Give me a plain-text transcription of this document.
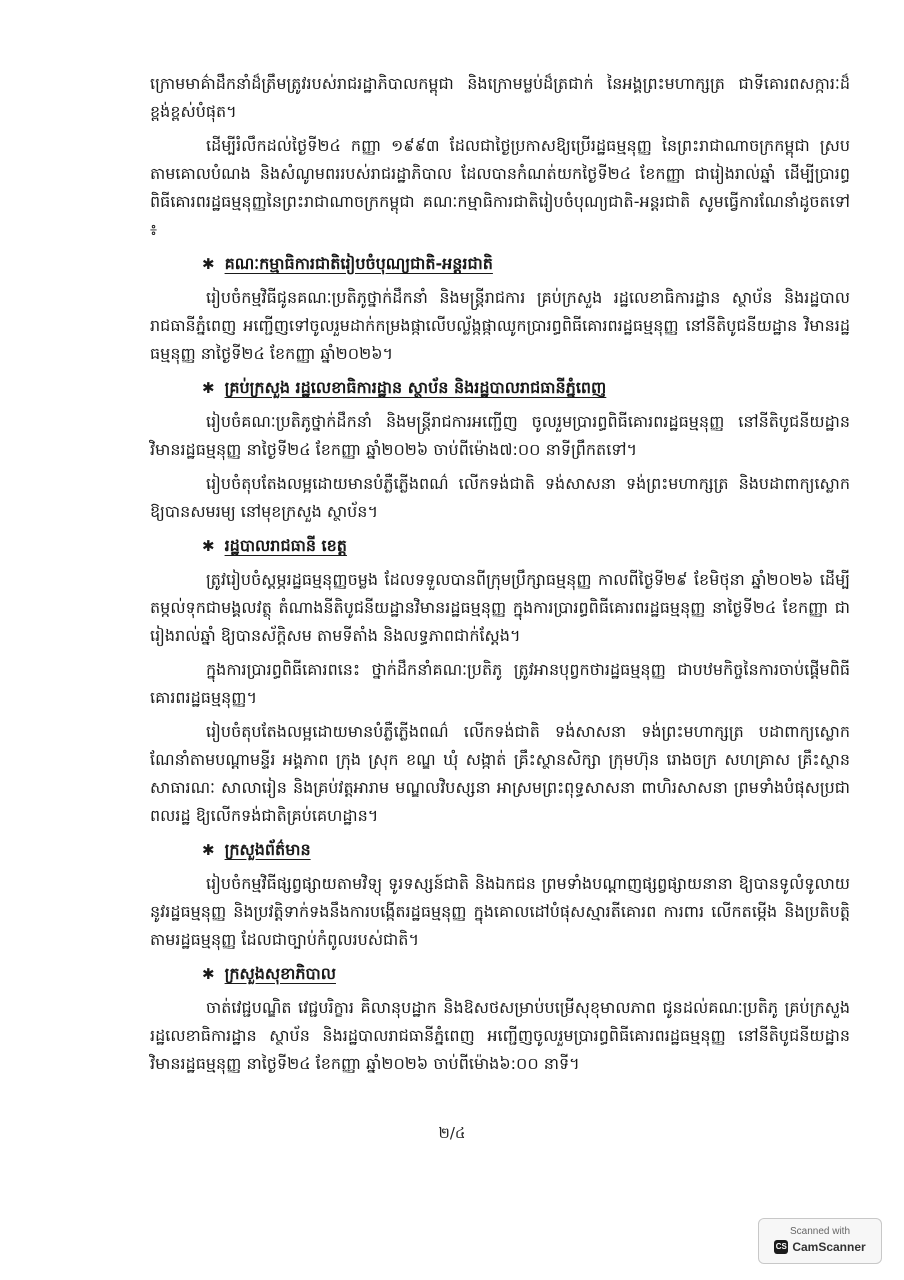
ក្រោមមាគ៌ាដឹកនាំដ៏ត្រឹមត្រូវរបស់រាជរដ្ឋាភិបាលកម្ពុជា និងក្រោមម្លប់ដ៏ត្រជាក់ នៃអង្គព្រះមហាក្សត្រ ជាទីគោរពសក្ការៈដ៏ខ្ពង់ខ្ពស់បំផុត។

ដើម្បីរំលឹកដល់ថ្ងៃទី២៤ កញ្ញា ១៩៩៣ ដែលជាថ្ងៃប្រកាសឱ្យប្រើរដ្ឋធម្មនុញ្ញ នៃព្រះរាជាណាចក្រកម្ពុជា ស្របតាមគោលបំណង និងសំណូមពររបស់រាជរដ្ឋាភិបាល ដែលបានកំណត់យកថ្ងៃទី២៤ ខែកញ្ញា ជារៀងរាល់ឆ្នាំ ដើម្បីប្រារព្ធពិធីគោរពរដ្ឋធម្មនុញ្ញនៃព្រះរាជាណាចក្រកម្ពុជា គណៈកម្មាធិការជាតិរៀបចំបុណ្យជាតិ-អន្តរជាតិ សូមធ្វើការណែនាំដូចតទៅ ៖

✱ គណៈកម្មាធិការជាតិរៀបចំបុណ្យជាតិ-អន្តរជាតិ

រៀបចំកម្មវិធីជូនគណៈប្រតិភូថ្នាក់ដឹកនាំ និងមន្ត្រីរាជការ គ្រប់ក្រសួង រដ្ឋលេខាធិការដ្ឋាន ស្ថាប័ន និងរដ្ឋបាលរាជធានីភ្នំពេញ អញ្ជើញទៅចូលរួមដាក់កម្រងផ្កាលើបល្ល័ង្កផ្កាឈូកប្រារព្ធពិធីគោរពរដ្ឋធម្មនុញ្ញ នៅនីតិបូជនីយដ្ឋាន វិមានរដ្ឋធម្មនុញ្ញ នាថ្ងៃទី២៤ ខែកញ្ញា ឆ្នាំ២០២៦។

✱ គ្រប់ក្រសួង រដ្ឋលេខាធិការដ្ឋាន ស្ថាប័ន និងរដ្ឋបាលរាជធានីភ្នំពេញ

រៀបចំគណៈប្រតិភូថ្នាក់ដឹកនាំ និងមន្ត្រីរាជការអញ្ជើញ ចូលរួមប្រារព្ធពិធីគោរពរដ្ឋធម្មនុញ្ញ នៅនីតិបូជនីយដ្ឋាន វិមានរដ្ឋធម្មនុញ្ញ នាថ្ងៃទី២៤ ខែកញ្ញា ឆ្នាំ២០២៦ ចាប់ពីម៉ោង៧:០០ នាទីព្រឹកតទៅ។

រៀបចំតុបតែងលម្អដោយមានបំភ្លឺភ្លើងពណ៌ លើកទង់ជាតិ ទង់សាសនា ទង់ព្រះមហាក្សត្រ និងបដាពាក្យស្លោក ឱ្យបានសមរម្យ នៅមុខក្រសួង ស្ថាប័ន។

✱ រដ្ឋបាលរាជធានី ខេត្ត

ត្រូវរៀបចំស្តម្ភរដ្ឋធម្មនុញ្ញចម្លង ដែលទទួលបានពីក្រុមប្រឹក្សាធម្មនុញ្ញ កាលពីថ្ងៃទី២៩ ខែមិថុនា ឆ្នាំ២០២៦ ដើម្បីតម្កល់ទុកជាមង្គលវត្ថុ តំណាងនីតិបូជនីយដ្ឋានវិមានរដ្ឋធម្មនុញ្ញ ក្នុងការប្រារព្ធពិធីគោរពរដ្ឋធម្មនុញ្ញ នាថ្ងៃទី២៤ ខែកញ្ញា ជារៀងរាល់ឆ្នាំ ឱ្យបានស័ក្តិសម តាមទីតាំង និងលទ្ធភាពជាក់ស្តែង។

ក្នុងការប្រារព្ធពិធីគោរពនេះ ថ្នាក់ដឹកនាំគណៈប្រតិភូ ត្រូវអានបុព្វកថារដ្ឋធម្មនុញ្ញ ជាបឋមកិច្ចនៃការចាប់ផ្តើមពិធីគោរពរដ្ឋធម្មនុញ្ញ។

រៀបចំតុបតែងលម្អដោយមានបំភ្លឺភ្លើងពណ៌ លើកទង់ជាតិ ទង់សាសនា ទង់ព្រះមហាក្សត្រ បដាពាក្យស្លោក ណែនាំតាមបណ្តាមន្ទីរ អង្គភាព ក្រុង ស្រុក ខណ្ឌ ឃុំ សង្កាត់ គ្រឹះស្ថានសិក្សា ក្រុមហ៊ុន រោងចក្រ សហគ្រាស គ្រឹះស្ថានសាធារណៈ សាលារៀន និងគ្រប់វត្តអារាម មណ្ឌលវិបស្សនា អាស្រមព្រះពុទ្ធសាសនា ពាហិរសាសនា ព្រមទាំងបំផុសប្រជាពលរដ្ឋ ឱ្យលើកទង់ជាតិគ្រប់គេហដ្ឋាន។

✱ ក្រសួងព័ត៌មាន

រៀបចំកម្មវិធីផ្សព្វផ្សាយតាមវិទ្យុ ទូរទស្សន៍ជាតិ និងឯកជន ព្រមទាំងបណ្តាញផ្សព្វផ្សាយនានា ឱ្យបានទូលំទូលាយនូវរដ្ឋធម្មនុញ្ញ និងប្រវត្តិទាក់ទងនឹងការបង្កើតរដ្ឋធម្មនុញ្ញ ក្នុងគោលដៅបំផុសស្មារតីគោរព ការពារ លើកតម្កើង និងប្រតិបត្តិតាមរដ្ឋធម្មនុញ្ញ ដែលជាច្បាប់កំពូលរបស់ជាតិ។

✱ ក្រសួងសុខាភិបាល

ចាត់វេជ្ជបណ្ឌិត វេជ្ជបរិក្ខារ គិលានុបដ្ឋាក និងឱសថសម្រាប់បម្រើសុខុមាលភាព ជូនដល់គណៈប្រតិភូ គ្រប់ក្រសួង រដ្ឋលេខាធិការដ្ឋាន ស្ថាប័ន និងរដ្ឋបាលរាជធានីភ្នំពេញ អញ្ជើញចូលរួមប្រារព្ធពិធីគោរពរដ្ឋធម្មនុញ្ញ នៅនីតិបូជនីយដ្ឋាន វិមានរដ្ឋធម្មនុញ្ញ នាថ្ងៃទី២៤ ខែកញ្ញា ឆ្នាំ២០២៦ ចាប់ពីម៉ោង៦:០០ នាទី។

២/៤
Scanned with
CS CamScanner
